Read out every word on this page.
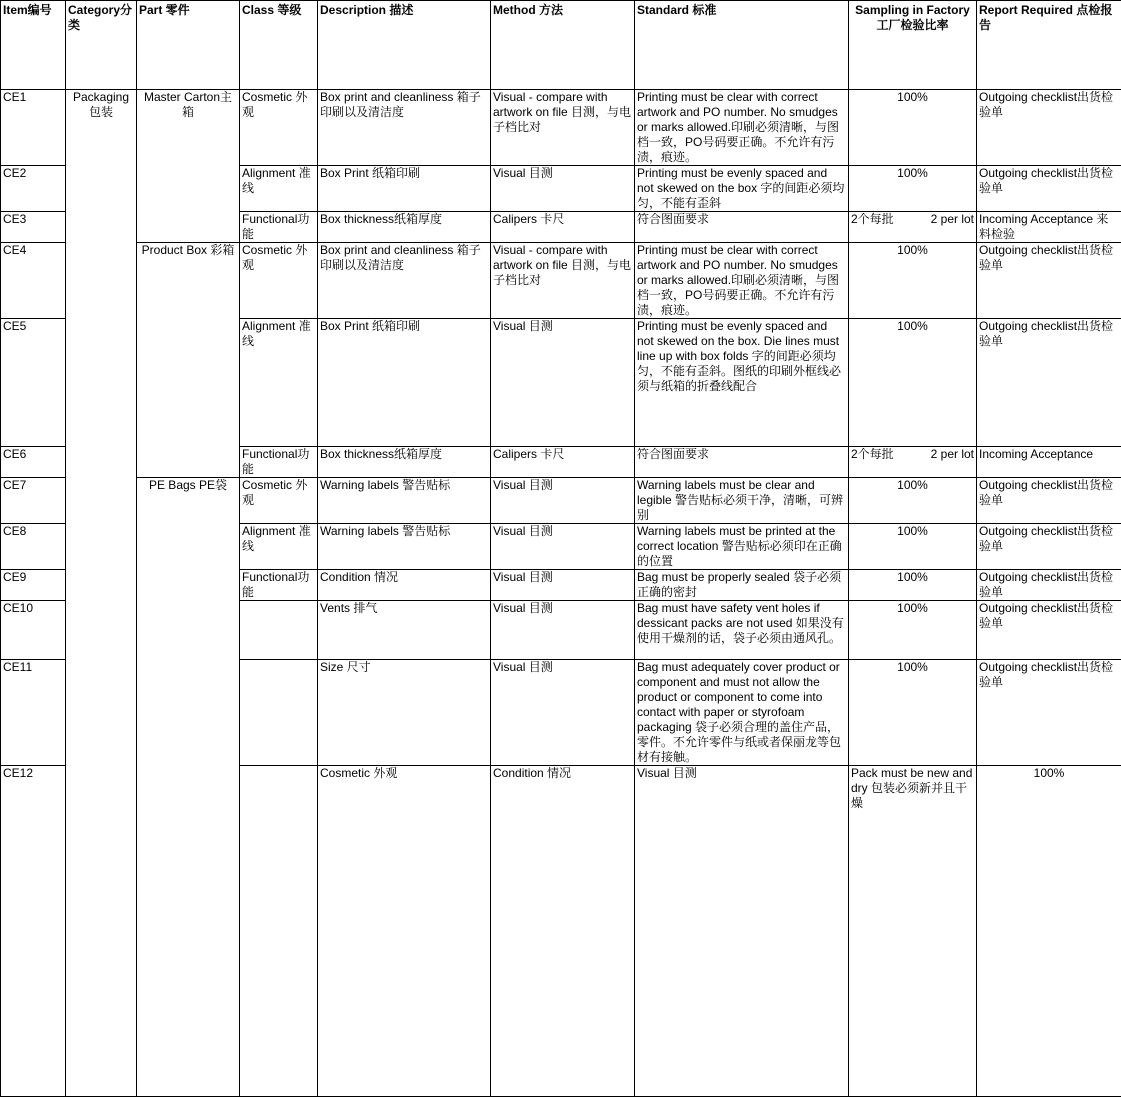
Item编号	Category分类	Part 零件	Class 等级	Description 描述	Method 方法	Standard 标准	Sampling in Factory 工厂检验比率	Report Required 点检报告	
CE1	Packaging 包装	Master Carton主箱	Cosmetic 外观	Box print and cleanliness 箱子印刷以及清洁度	Visual - compare with artwork on file 目测，与电子档比对	Printing must be clear with correct artwork and PO number. No smudges or marks allowed.印刷必须清晰，与图档一致，PO号码要正确。不允许有污渍，痕迹。	100%	Outgoing checklist出货检验单	
CE2			Alignment 准线	Box Print 纸箱印刷	Visual 目测	Printing must be evenly spaced and not skewed on the box 字的间距必须均匀，不能有歪斜	100%	Outgoing checklist出货检验单	
CE3			Functional功能	Box thickness纸箱厚度	Calipers 卡尺	符合图面要求	2个每批 2 per lot	Incoming Acceptance 来料检验	
CE4		Product Box 彩箱	Cosmetic 外观	Box print and cleanliness 箱子印刷以及清洁度	Visual - compare with artwork on file 目测，与电子档比对	Printing must be clear with correct artwork and PO number. No smudges or marks allowed.印刷必须清晰，与图档一致，PO号码要正确。不允许有污渍，痕迹。	100%	Outgoing checklist出货检验单	
CE5			Alignment 准线	Box Print 纸箱印刷	Visual 目测	Printing must be evenly spaced and not skewed on the box. Die lines must line up with box folds 字的间距必须均匀，不能有歪斜。图纸的印刷外框线必须与纸箱的折叠线配合	100%	Outgoing checklist出货检验单	
CE6			Functional功能	Box thickness纸箱厚度	Calipers 卡尺	符合图面要求	2个每批 2 per lot	Incoming Acceptance	
CE7		PE Bags PE袋	Cosmetic 外观	Warning labels 警告贴标	Visual 目测	Warning labels must be clear and legible 警告贴标必须干净，清晰，可辨别	100%	Outgoing checklist出货检验单	
CE8			Alignment 准线	Warning labels 警告贴标	Visual 目测	Warning labels must be printed at the correct location 警告贴标必须印在正确的位置	100%	Outgoing checklist出货检验单	
CE9			Functional功能	Condition 情况	Visual 目测	Bag must be properly sealed 袋子必须正确的密封	100%	Outgoing checklist出货检验单	
CE10				Vents 排气	Visual 目测	Bag must have safety vent holes if dessicant packs are not used 如果没有使用干燥剂的话，袋子必须由通风孔。	100%	Outgoing checklist出货检验单	
CE11				Size 尺寸	Visual 目测	Bag must adequately cover product or component and must not allow the product or component to come into contact with paper or styrofoam packaging 袋子必须合理的盖住产品，零件。不允许零件与纸或者保丽龙等包材有接触。	100%	Outgoing checklist出货检验单	
CE12				Cosmetic 外观	Condition 情况	Visual 目测	Pack must be new and dry 包装必须新并且干燥	100%	
